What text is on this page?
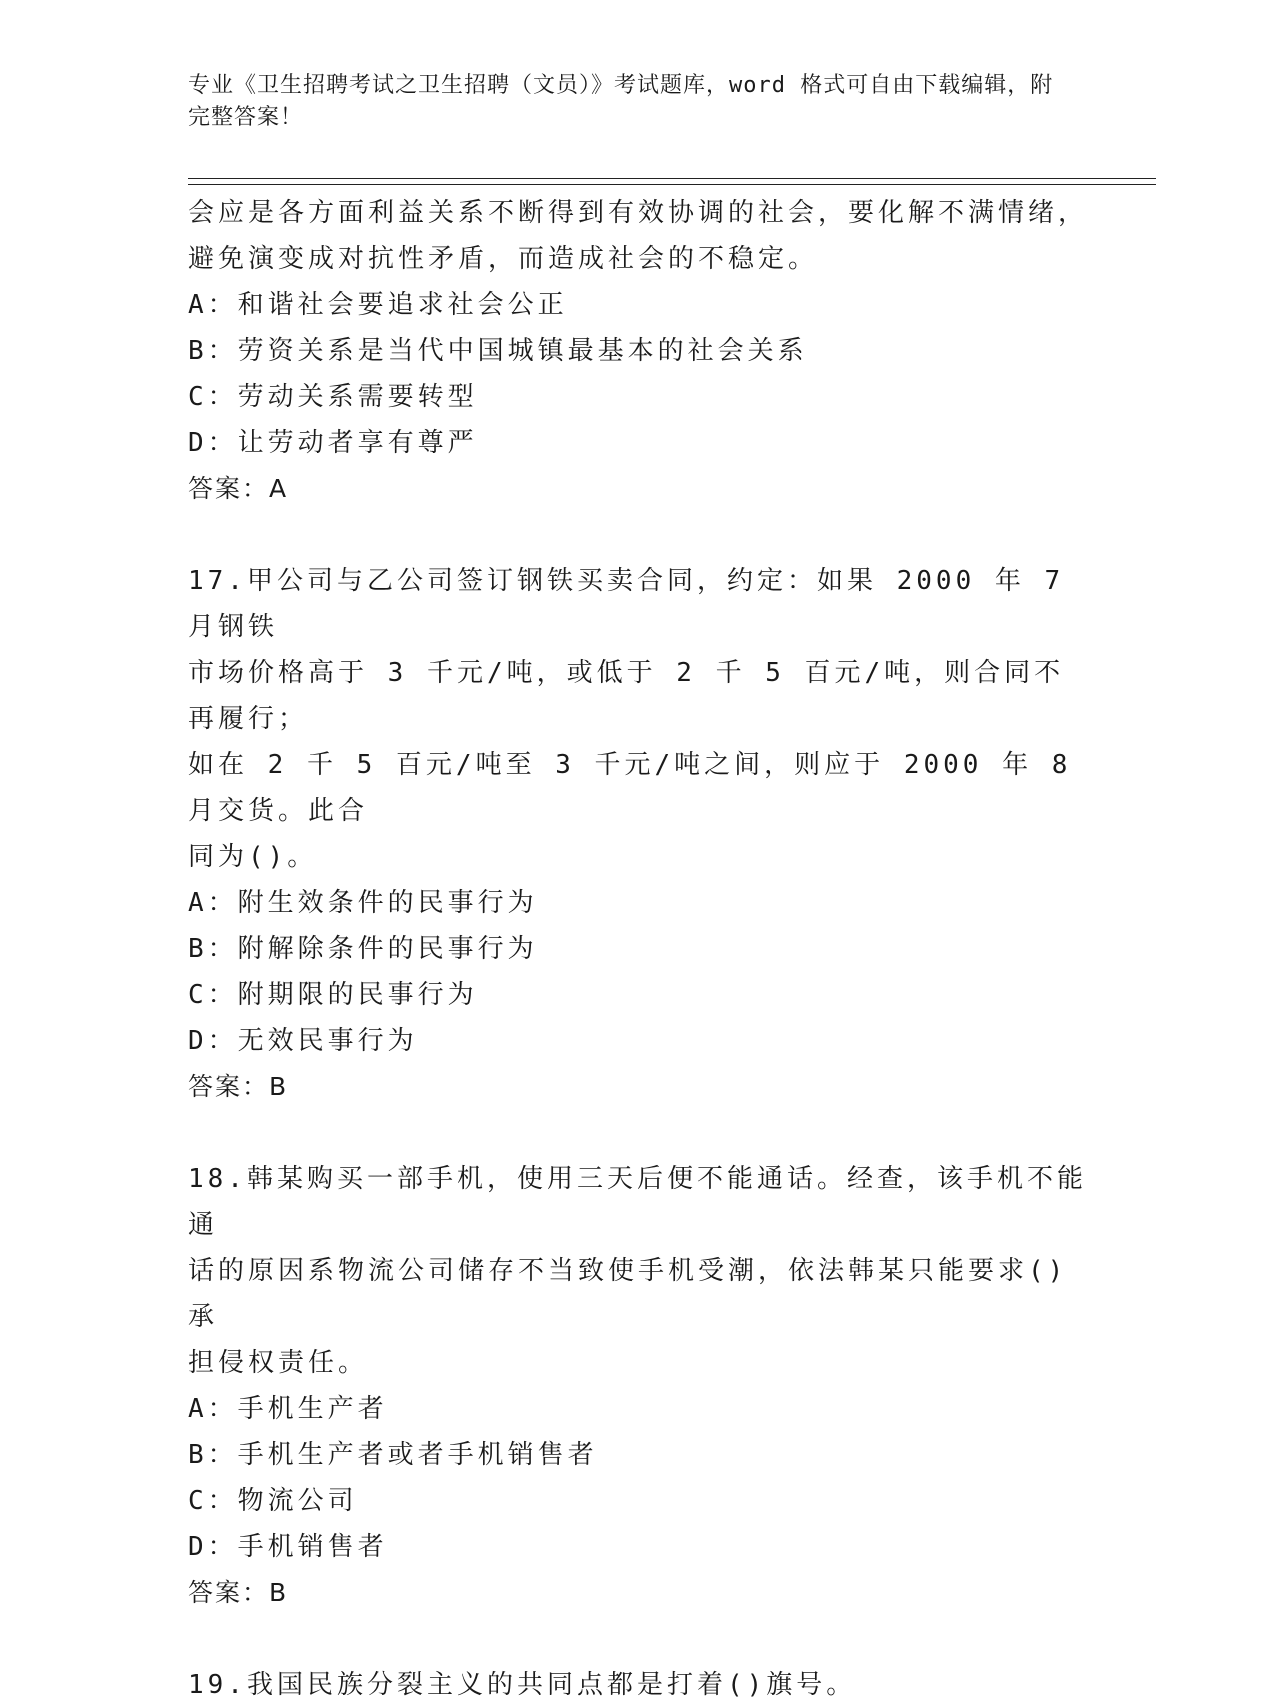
专业《卫生招聘考试之卫生招聘（文员）》考试题库，word 格式可自由下载编辑，附完整答案！

会应是各方面利益关系不断得到有效协调的社会，要化解不满情绪，

避免演变成对抗性矛盾，而造成社会的不稳定。

A：和谐社会要追求社会公正

B：劳资关系是当代中国城镇最基本的社会关系

C：劳动关系需要转型

D：让劳动者享有尊严

答案：A

17.甲公司与乙公司签订钢铁买卖合同，约定：如果 2000 年 7 月钢铁

市场价格高于 3 千元/吨，或低于 2 千 5 百元/吨，则合同不再履行；

如在 2 千 5 百元/吨至 3 千元/吨之间，则应于 2000 年 8 月交货。此合

同为()。

A：附生效条件的民事行为

B：附解除条件的民事行为

C：附期限的民事行为

D：无效民事行为

答案：B

18.韩某购买一部手机，使用三天后便不能通话。经查，该手机不能通

话的原因系物流公司储存不当致使手机受潮，依法韩某只能要求()承

担侵权责任。

A：手机生产者

B：手机生产者或者手机销售者

C：物流公司

D：手机销售者

答案：B

19.我国民族分裂主义的共同点都是打着()旗号。
